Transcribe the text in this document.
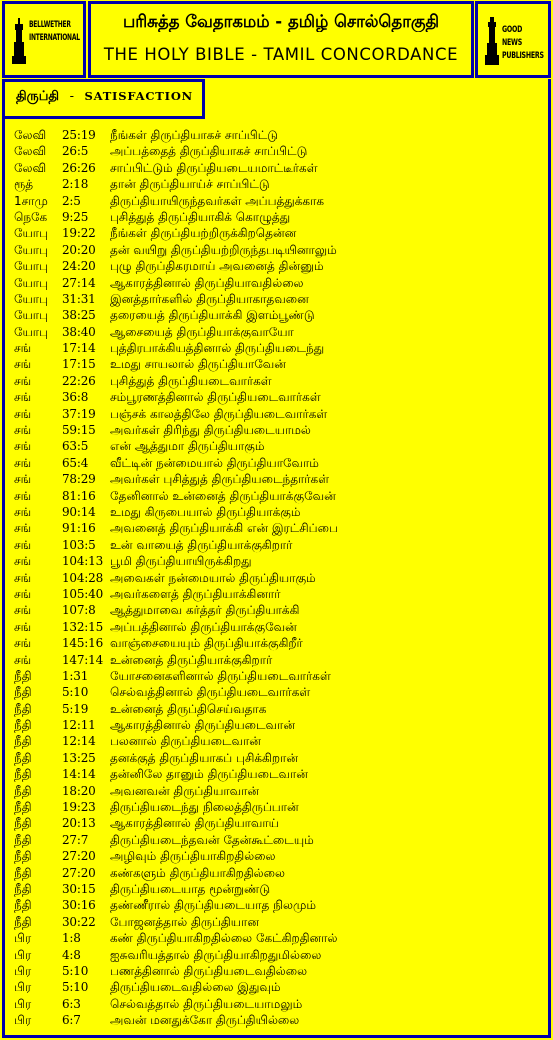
BELLWETHER
INTERNATIONAL
பரிசுத்த வேதாகமம் - தமிழ் சொல்தொகுதி
THE HOLY BIBLE - TAMIL CONCORDANCE
GOOD NEWS
PUBLISHERS
திருப்தி - SATISFACTION
லேவி 25:19 நீங்கள் திருப்தியாகச் சாப்பிட்டு
லேவி 26:5 அப்பத்தைத் திருப்தியாகச் சாப்பிட்டு
லேவி 26:26 சாப்பிட்டும் திருப்தியடையமாட்டீர்கள்
ரூத் 2:18 தான் திருப்தியாய்ச் சாப்பிட்டு
1சாமு 2:5 திருப்தியாயிருந்தவர்கள் அப்பத்துக்காக
நெகே 9:25 புசித்துத் திருப்தியாகிக் கொழுத்து
யோபு 19:22 நீங்கள் திருப்தியற்றிருக்கிறதென்ன
யோபு 20:20 தன் வயிறு திருப்தியற்றிருந்தபடியினாலும்
யோபு 24:20 புழு திருப்திகரமாய் அவனைத் தின்னும்
யோபு 27:14 ஆகாரத்தினால் திருப்தியாவதில்லை
யோபு 31:31 இனத்தார்களில் திருப்தியாகாதவனை
யோபு 38:25 தரையைத் திருப்தியாக்கி இளம்பூண்டு
யோபு 38:40 ஆசையைத் திருப்தியாக்குவாயோ
சங்	17:14 புத்திரபாக்கியத்தினால் திருப்தியடைந்து
சங்	17:15 உமது சாயலால் திருப்தியாவேன்
சங்	22:26 புசித்துத் திருப்தியடைவார்கள்
சங்	36:8 சம்பூரணத்தினால் திருப்தியடைவார்கள்
சங்	37:19 பஞ்சக் காலத்திலே திருப்தியடைவார்கள்
சங்	59:15 அவர்கள் திரிந்து திருப்தியடையாமல்
சங்	63:5 என் ஆத்துமா திருப்தியாகும்
சங்	65:4 வீட்டின் நன்மையால் திருப்தியாவோம்
சங்	78:29 அவர்கள் புசித்துத் திருப்தியடைந்தார்கள்
சங்	81:16 தேனினால் உன்னைத் திருப்தியாக்குவேன்
சங்	90:14 உமது கிருபையால் திருப்தியாக்கும்
சங்	91:16 அவனைத் திருப்தியாக்கி என் இரட்சிப்பை
சங்	103:5 உன் வாயைத் திருப்தியாக்குகிறார்
சங்	104:13 பூமி திருப்தியாயிருக்கிறது
சங்	104:28 அவைகள் நன்மையால் திருப்தியாகும்
சங்	105:40 அவர்களைத் திருப்தியாக்கினார்
சங்	107:8 ஆத்துமாவை கர்த்தர் திருப்தியாக்கி
சங்	132:15 அப்பத்தினால் திருப்தியாக்குவேன்
சங்	145:16 வாஞ்சையையும் திருப்தியாக்குகிறீர்
சங்	147:14 உன்னைத் திருப்தியாக்குகிறார்
நீதி	1:31 யோசனைகளினால் திருப்தியடைவார்கள்
நீதி	5:10 செல்வத்தினால் திருப்தியடைவார்கள்
நீதி	5:19 உன்னைத் திருப்திசெய்வதாக
நீதி	12:11 ஆகாரத்தினால் திருப்தியடைவான்
நீதி	12:14 பலனால் திருப்தியடைவான்
நீதி	13:25 தனக்குத் திருப்தியாகப் புசிக்கிறான்
நீதி	14:14 தன்னிலே தானும் திருப்தியடைவான்
நீதி	18:20 அவனவன் திருப்தியாவான்
நீதி	19:23 திருப்தியடைந்து நிலைத்திருப்பான்
நீதி	20:13 ஆகாரத்தினால் திருப்தியாவாய்
நீதி	27:7 திருப்தியடைந்தவன் தேன்கூட்டையும்
நீதி	27:20 அழிவும் திருப்தியாகிறதில்லை
நீதி	27:20 கண்களும் திருப்தியாகிறதில்லை
நீதி	30:15 திருப்தியடையாத மூன்றுண்டு
நீதி	30:16 தண்ணீரால் திருப்தியடையாத நிலமும்
நீதி	30:22 போஜனத்தால் திருப்தியான
பிர	1:8 கண் திருப்தியாகிறதில்லை கேட்கிறதினால்
பிர	4:8 ஐசுவரியத்தால் திருப்தியாகிறதுமில்லை
பிர	5:10 பணத்தினால் திருப்தியடைவதில்லை
பிர	5:10 திருப்தியடைவதில்லை இதுவும்
பிர	6:3 செல்வத்தால் திருப்தியடையாமலும்
பிர	6:7 அவன் மனதுக்கோ திருப்தியில்லை
